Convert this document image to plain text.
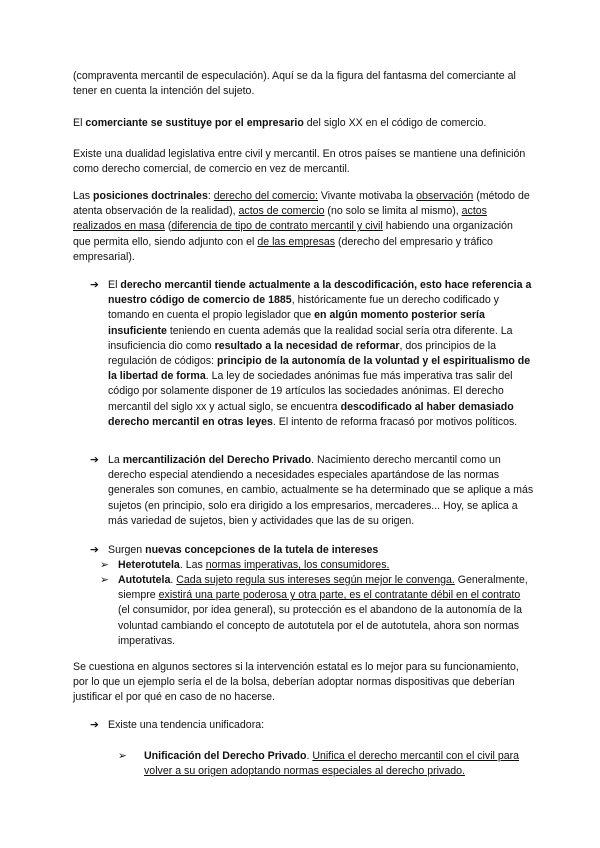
(compraventa mercantil de especulación). Aquí se da la figura del fantasma del comerciante al tener en cuenta la intención del sujeto.

El comerciante se sustituye por el empresario del siglo XX en el código de comercio.

Existe una dualidad legislativa entre civil y mercantil. En otros países se mantiene una definición como derecho comercial, de comercio en vez de mercantil.

Las posiciones doctrinales: derecho del comercio: Vivante motivaba la observación (método de atenta observación de la realidad), actos de comercio (no solo se limita al mismo), actos realizados en masa (diferencia de tipo de contrato mercantil y civil habiendo una organización que permita ello, siendo adjunto con el de las empresas (derecho del empresario y tráfico empresarial).

➔ El derecho mercantil tiende actualmente a la descodificación, esto hace referencia a nuestro código de comercio de 1885, históricamente fue un derecho codificado y tomando en cuenta el propio legislador que en algún momento posterior sería insuficiente teniendo en cuenta además que la realidad social sería otra diferente. La insuficiencia dio como resultado a la necesidad de reformar, dos principios de la regulación de códigos: principio de la autonomía de la voluntad y el espiritualismo de la libertad de forma. La ley de sociedades anónimas fue más imperativa tras salir del código por solamente disponer de 19 artículos las sociedades anónimas. El derecho mercantil del siglo xx y actual siglo, se encuentra descodificado al haber demasiado derecho mercantil en otras leyes. El intento de reforma fracasó por motivos políticos.

➔ La mercantilización del Derecho Privado. Nacimiento derecho mercantil como un derecho especial atendiendo a necesidades especiales apartándose de las normas generales son comunes, en cambio, actualmente se ha determinado que se aplique a más sujetos (en principio, solo era dirigido a los empresarios, mercaderes... Hoy, se aplica a más variedad de sujetos, bien y actividades que las de su origen.

➔ Surgen nuevas concepciones de la tutela de intereses

➢ Heterotutela. Las normas imperativas, los consumidores.

➢ Autotutela. Cada sujeto regula sus intereses según mejor le convenga. Generalmente, siempre existirá una parte poderosa y otra parte, es el contratante débil en el contrato (el consumidor, por idea general), su protección es el abandono de la autonomía de la voluntad cambiando el concepto de autotutela por el de autotutela, ahora son normas imperativas.

Se cuestiona en algunos sectores si la intervención estatal es lo mejor para su funcionamiento, por lo que un ejemplo sería el de la bolsa, deberían adoptar normas dispositivas que deberían justificar el por qué en caso de no hacerse.

➔ Existe una tendencia unificadora:

➢ Unificación del Derecho Privado. Unifica el derecho mercantil con el civil para volver a su origen adoptando normas especiales al derecho privado.
